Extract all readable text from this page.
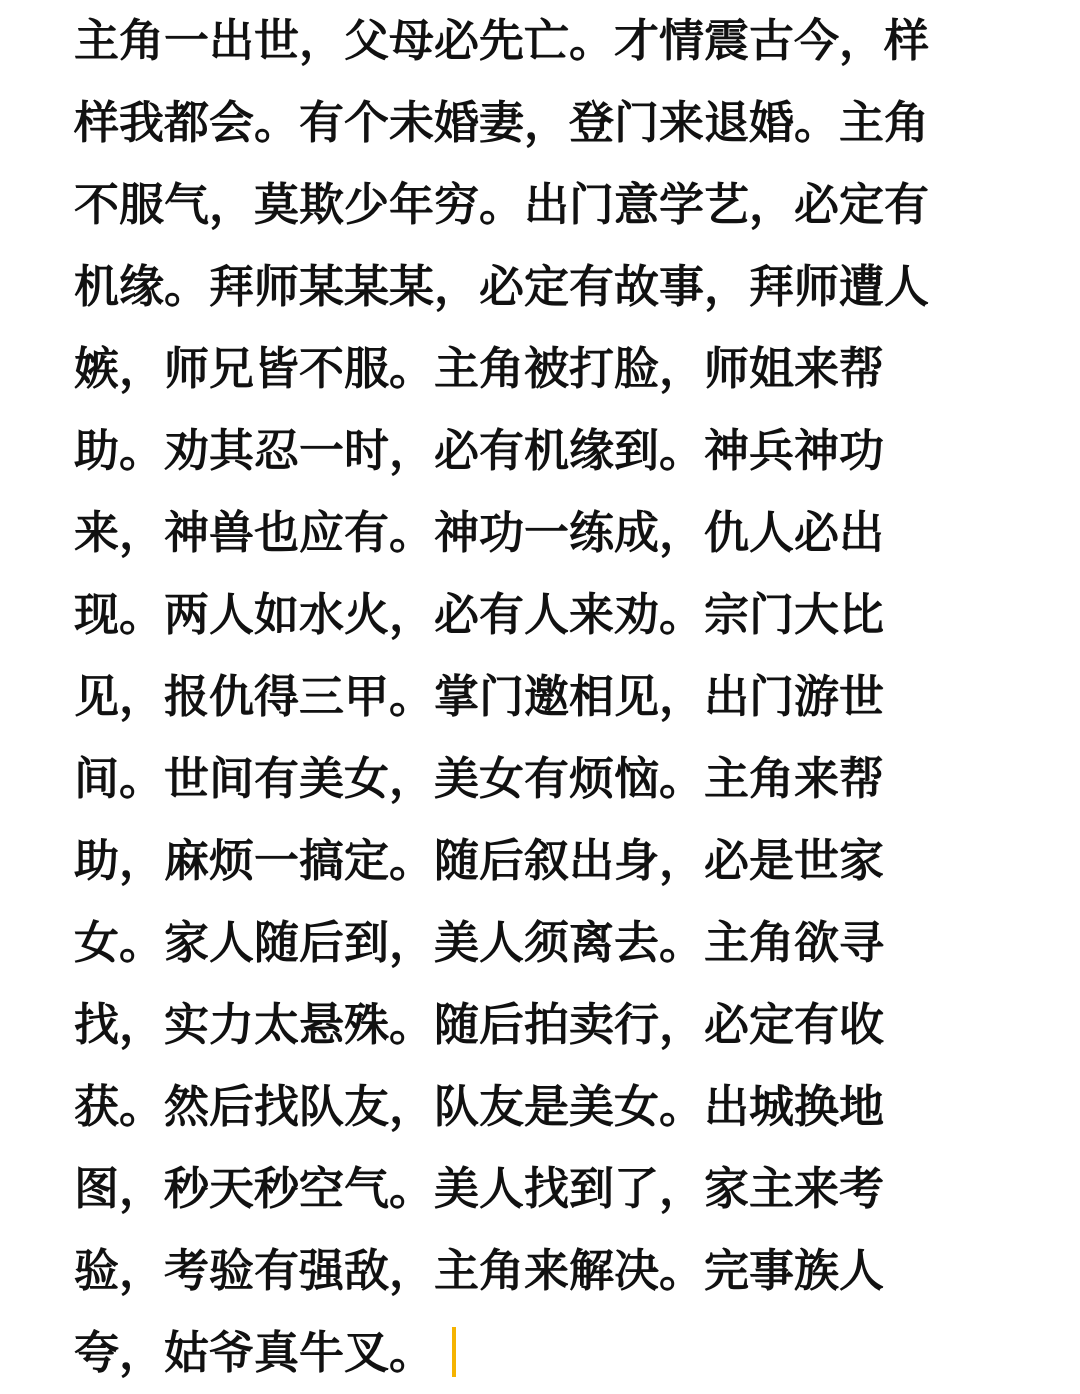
主角一出世，父母必先亡。才情震古今，样
样我都会。有个未婚妻，登门来退婚。主角
不服气，莫欺少年穷。出门意学艺，必定有
机缘。拜师某某某，必定有故事，拜师遭人
嫉，师兄皆不服。主角被打脸，师姐来帮
助。劝其忍一时，必有机缘到。神兵神功
来，神兽也应有。神功一练成，仇人必出
现。两人如水火，必有人来劝。宗门大比
见，报仇得三甲。掌门邀相见，出门游世
间。世间有美女，美女有烦恼。主角来帮
助，麻烦一搞定。随后叙出身，必是世家
女。家人随后到，美人须离去。主角欲寻
找，实力太悬殊。随后拍卖行，必定有收
获。然后找队友，队友是美女。出城换地
图，秒天秒空气。美人找到了，家主来考
验，考验有强敌，主角来解决。完事族人
夸，姑爷真牛叉。
